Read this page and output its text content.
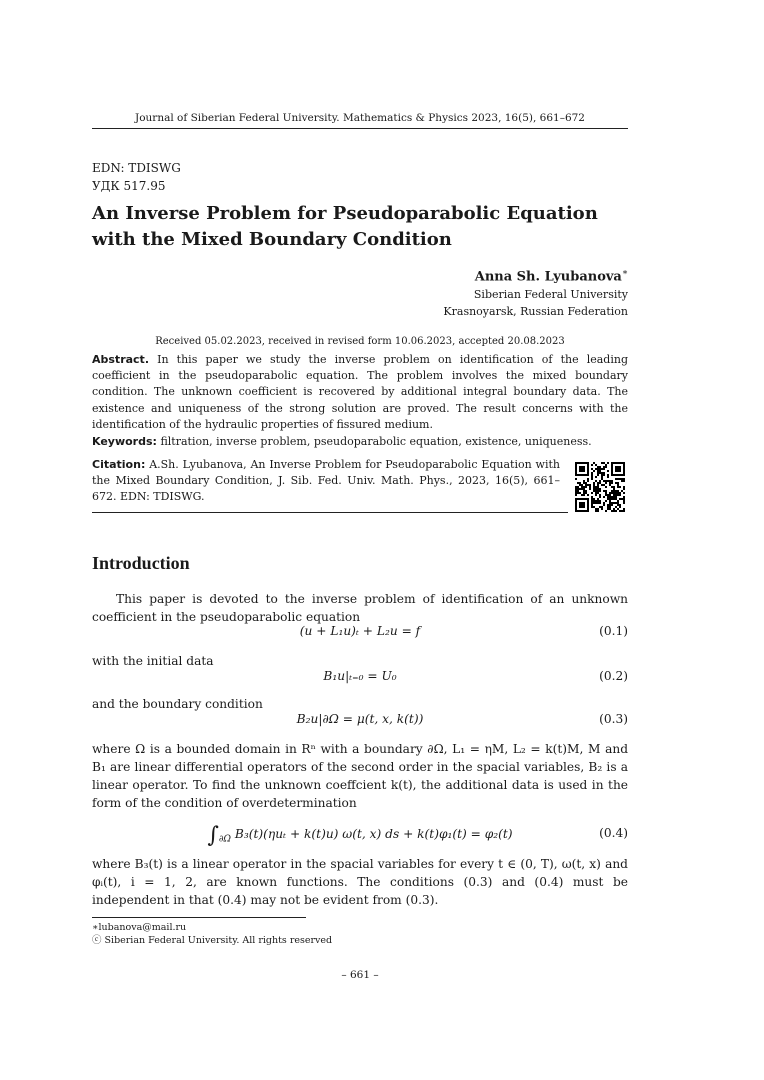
Journal of Siberian Federal University. Mathematics & Physics 2023, 16(5), 661–672
EDN: TDISWG
УДК 517.95
An Inverse Problem for Pseudoparabolic Equation
with the Mixed Boundary Condition
Anna Sh. Lyubanova∗
Siberian Federal University
Krasnoyarsk, Russian Federation
Received 05.02.2023, received in revised form 10.06.2023, accepted 20.08.2023
Abstract. In this paper we study the inverse problem on identification of the leading coefficient in the pseudoparabolic equation. The problem involves the mixed boundary condition. The unknown coefficient is recovered by additional integral boundary data. The existence and uniqueness of the strong solution are proved. The result concerns with the identification of the hydraulic properties of fissured medium.
Keywords: filtration, inverse problem, pseudoparabolic equation, existence, uniqueness.
Citation: A.Sh. Lyubanova, An Inverse Problem for Pseudoparabolic Equation with the Mixed Boundary Condition, J. Sib. Fed. Univ. Math. Phys., 2023, 16(5), 661–672. EDN: TDISWG.
Introduction
This paper is devoted to the inverse problem of identification of an unknown coefficient in the pseudoparabolic equation
(u + L₁u)ₜ + L₂u = f	(0.1)
with the initial data
B₁u|ₜ₌₀ = U₀	(0.2)
and the boundary condition
B₂u|∂Ω = μ(t, x, k(t))	(0.3)
where Ω is a bounded domain in Rⁿ with a boundary ∂Ω, L₁ = ηM, L₂ = k(t)M, M and B₁ are linear differential operators of the second order in the spacial variables, B₂ is a linear operator. To find the unknown coeffcient k(t), the additional data is used in the form of the condition of overdetermination
$\int_{\partial\Omega}$ B₃(t)(ηuₜ + k(t)u) ω(t, x) ds + k(t)φ₁(t) = φ₂(t)	(0.4)
where B₃(t) is a linear operator in the spacial variables for every t ∈ (0, T), ω(t, x) and φᵢ(t), i = 1, 2, are known functions. The conditions (0.3) and (0.4) must be independent in that (0.4) may not be evident from (0.3).
∗lubanova@mail.ru
ⓒ Siberian Federal University. All rights reserved
– 661 –
